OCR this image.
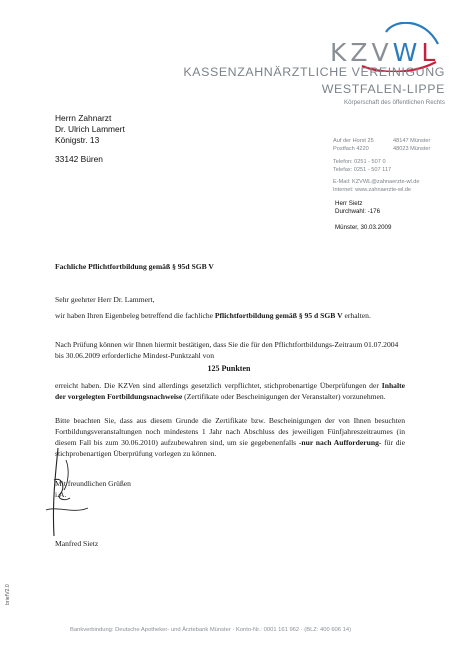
KZVWL
KASSENZAHNÄRZTLICHE VEREINIGUNG
WESTFALEN-LIPPE
Körperschaft des öffentlichen Rechts
Herrn Zahnarzt
Dr. Ulrich Lammert
Königstr. 13
33142 Büren
Auf der Horst 25	48147 Münster
Postfach 4220	48023 Münster
Telefon: 0251 - 507 0
Telefax: 0251 - 507 117
E-Mail: KZVWL@zahnaerzte-wl.de
Internet: www.zahnaerzte-wl.de
Herr Sietz
Durchwahl: -176
Münster, 30.03.2009
Fachliche Pflichtfortbildung gemäß § 95d SGB V
Sehr geehrter Herr Dr. Lammert,
wir haben Ihren Eigenbeleg betreffend die fachliche Pflichtfortbildung gemäß § 95 d SGB V erhalten.
Nach Prüfung können wir Ihnen hiermit bestätigen, dass Sie die für den Pflichtfortbildungs-Zeitraum 01.07.2004 bis 30.06.2009 erforderliche Mindest-Punktzahl von
125 Punkten
erreicht haben. Die KZVen sind allerdings gesetzlich verpflichtet, stichprobenartige Überprüfungen der Inhalte der vorgelegten Fortbildungsnachweise (Zertifikate oder Bescheinigungen der Veranstalter) vorzunehmen.
Bitte beachten Sie, dass aus diesem Grunde die Zertifikate bzw. Bescheinigungen der von Ihnen besuchten Fortbildungsveranstaltungen noch mindestens 1 Jahr nach Abschluss des jeweiligen Fünfjahreszeitraumes (in diesem Fall bis zum 30.06.2010) aufzubewahren sind, um sie gegebenenfalls -nur nach Aufforderung- für die stichprobenartigen Überprüfung vorlegen zu können.
Mit freundlichen Grüßen
i.A.
Manfred Sietz
Bankverbindung: Deutsche Apotheker- und Ärztebank Münster · Konto-Nr.: 0001 161 962 · (BLZ: 400 606 14)
briefV2.0
